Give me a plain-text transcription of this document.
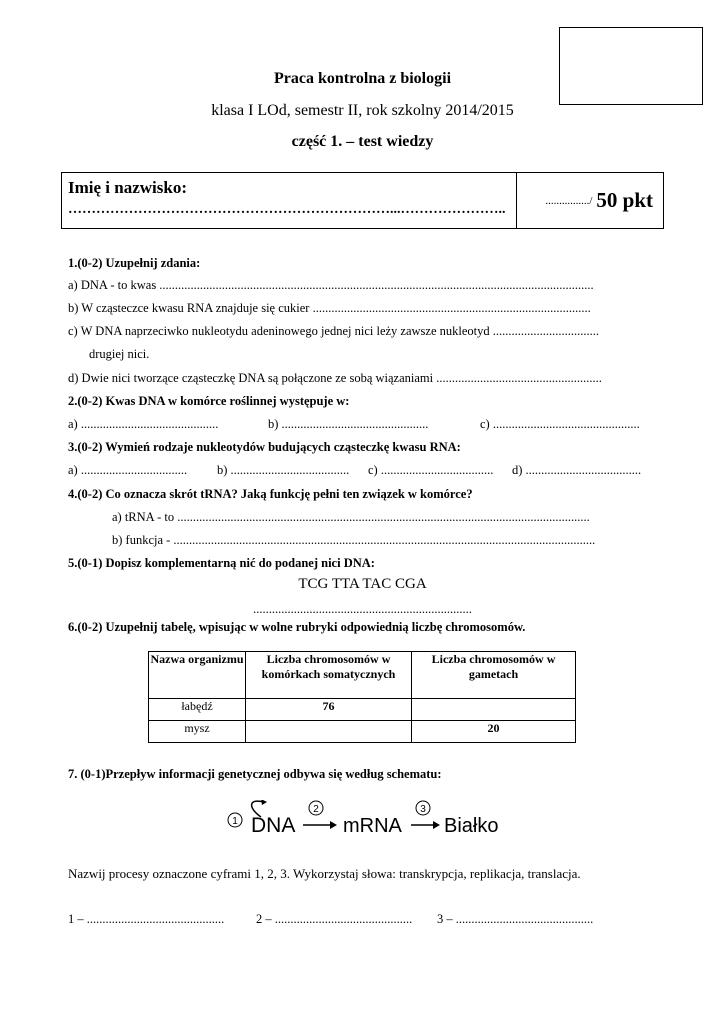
Praca kontrolna z biologii
klasa I LOd, semestr II, rok szkolny 2014/2015
część 1. – test wiedzy
Imię i nazwisko:
……………………………………………………………...…………………..
................/ 50 pkt
1.(0-2) Uzupełnij zdania:
a) DNA - to kwas ...........................................................................................................................................
b) W cząsteczce kwasu RNA znajduje się cukier .........................................................................................
c) W DNA naprzeciwko nukleotydu adeninowego jednej nici leży zawsze nukleotyd ..................................
drugiej nici.
d) Dwie nici tworzące cząsteczkę DNA są połączone ze sobą wiązaniami .....................................................
2.(0-2) Kwas DNA w komórce roślinnej występuje w:
a) ............................................	b) ...............................................	c) ...............................................
3.(0-2) Wymień rodzaje nukleotydów budujących cząsteczkę kwasu RNA:
a) .................................. b) ...................................... c) .................................... d) .....................................
4.(0-2) Co oznacza skrót tRNA? Jaką funkcję pełni ten związek w komórce?
a) tRNA - to ....................................................................................................................................
b) funkcja - .......................................................................................................................................
5.(0-1) Dopisz komplementarną nić do podanej nici DNA:
TCG TTA TAC CGA
......................................................................
6.(0-2) Uzupełnij tabelę, wpisując w wolne rubryki odpowiednią liczbę chromosomów.
Nazwa organizmu	Liczba chromosomów w komórkach somatycznych	Liczba chromosomów w gametach
łabędź	76	
mysz		20
7. (0-1)Przepływ informacji genetycznej odbywa się według schematu:
1 DNA
2
mRNA
3
Białko
Nazwij procesy oznaczone cyframi 1, 2, 3. Wykorzystaj słowa: transkrypcja, replikacja, translacja.
1 – ............................................	2 – ............................................ 3 – ............................................
